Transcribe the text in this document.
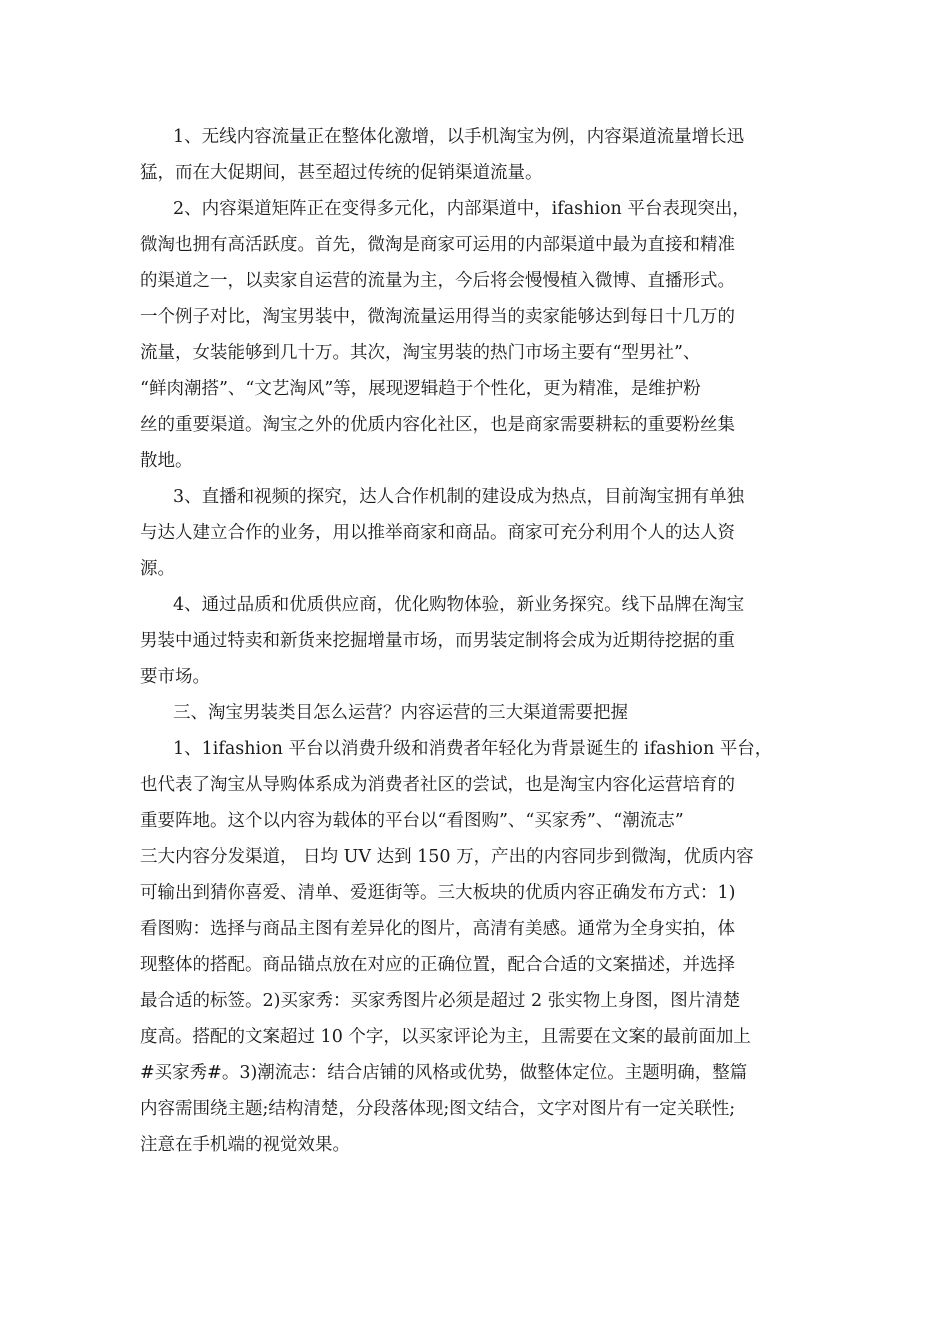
1、无线内容流量正在整体化激增，以手机淘宝为例，内容渠道流量增长迅
猛，而在大促期间，甚至超过传统的促销渠道流量。
2、内容渠道矩阵正在变得多元化，内部渠道中，ifashion 平台表现突出，
微淘也拥有高活跃度。首先，微淘是商家可运用的内部渠道中最为直接和精准
的渠道之一，以卖家自运营的流量为主，今后将会慢慢植入微博、直播形式。
一个例子对比，淘宝男装中，微淘流量运用得当的卖家能够达到每日十几万的
流量，女装能够到几十万。其次，淘宝男装的热门市场主要有“型男社”、
“鲜肉潮搭”、“文艺淘风”等，展现逻辑趋于个性化，更为精准，是维护粉
丝的重要渠道。淘宝之外的优质内容化社区，也是商家需要耕耘的重要粉丝集
散地。
3、直播和视频的探究，达人合作机制的建设成为热点，目前淘宝拥有单独
与达人建立合作的业务，用以推举商家和商品。商家可充分利用个人的达人资
源。
4、通过品质和优质供应商，优化购物体验，新业务探究。线下品牌在淘宝
男装中通过特卖和新货来挖掘增量市场，而男装定制将会成为近期待挖据的重
要市场。
三、淘宝男装类目怎么运营？内容运营的三大渠道需要把握
1、1ifashion 平台以消费升级和消费者年轻化为背景诞生的 ifashion 平台，
也代表了淘宝从导购体系成为消费者社区的尝试，也是淘宝内容化运营培育的
重要阵地。这个以内容为载体的平台以“看图购”、“买家秀”、“潮流志”
三大内容分发渠道， 日均 UV 达到 150 万，产出的内容同步到微淘，优质内容
可输出到猜你喜爱、清单、爱逛街等。三大板块的优质内容正确发布方式：1)
看图购：选择与商品主图有差异化的图片，高清有美感。通常为全身实拍，体
现整体的搭配。商品锚点放在对应的正确位置，配合合适的文案描述，并选择
最合适的标签。2)买家秀：买家秀图片必须是超过 2 张实物上身图，图片清楚
度高。搭配的文案超过 10 个字，以买家评论为主，且需要在文案的最前面加上
#买家秀#。3)潮流志：结合店铺的风格或优势，做整体定位。主题明确，整篇
内容需围绕主题;结构清楚，分段落体现;图文结合，文字对图片有一定关联性;
注意在手机端的视觉效果。
